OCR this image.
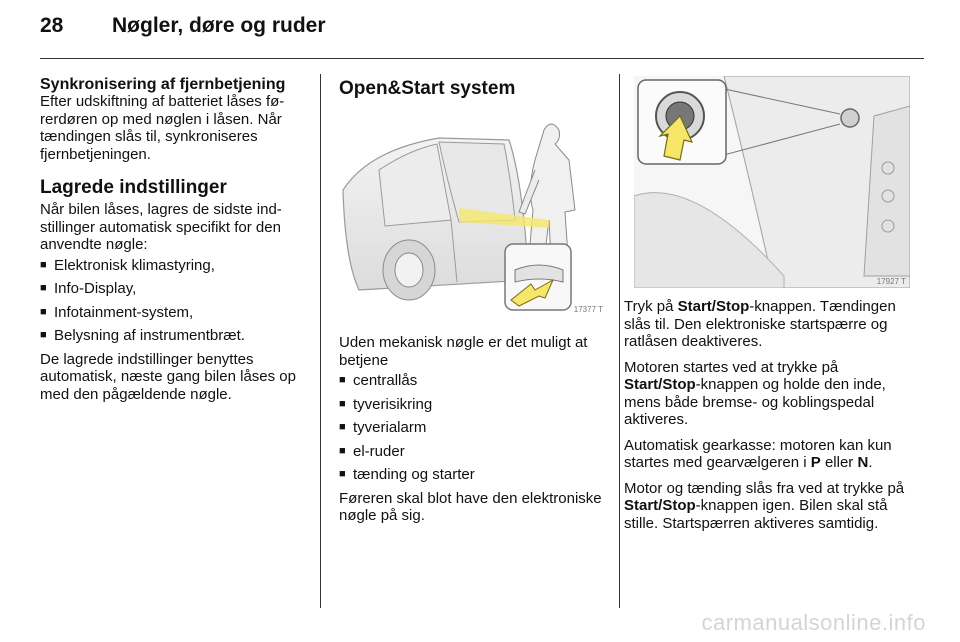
28 Nøgler, døre og ruder
Synkronisering af fjernbetjening

Efter udskiftning af batteriet låses førerdøren op med nøglen i låsen. Når tændingen slås til, synkroniseres fjernbetjeningen.

Lagrede indstillinger

Når bilen låses, lagres de sidste indstillinger automatisk specifikt for den anvendte nøgle:

■ Elektronisk klimastyring,
■ Info-Display,
■ Infotainment-system,
■ Belysning af instrumentbræt.

De lagrede indstillinger benyttes automatisk, næste gang bilen låses op med den pågældende nøgle.

Open&Start system
17377 T

Uden mekanisk nøgle er det muligt at betjene

■ centrallås
■ tyverisikring
■ tyverialarm
■ el-ruder
■ tænding og starter

Føreren skal blot have den elektroniske nøgle på sig.

17927 T

Tryk på Start/Stop-knappen. Tændingen slås til. Den elektroniske startspærre og ratlåsen deaktiveres.

Motoren startes ved at trykke på Start/Stop-knappen og holde den inde, mens både bremse- og koblingspedal aktiveres.

Automatisk gearkasse: motoren kan kun startes med gearvælgeren i P eller N.

Motor og tænding slås fra ved at trykke på Start/Stop-knappen igen. Bilen skal stå stille. Startspærren aktiveres samtidig.

carmanualsonline.info
